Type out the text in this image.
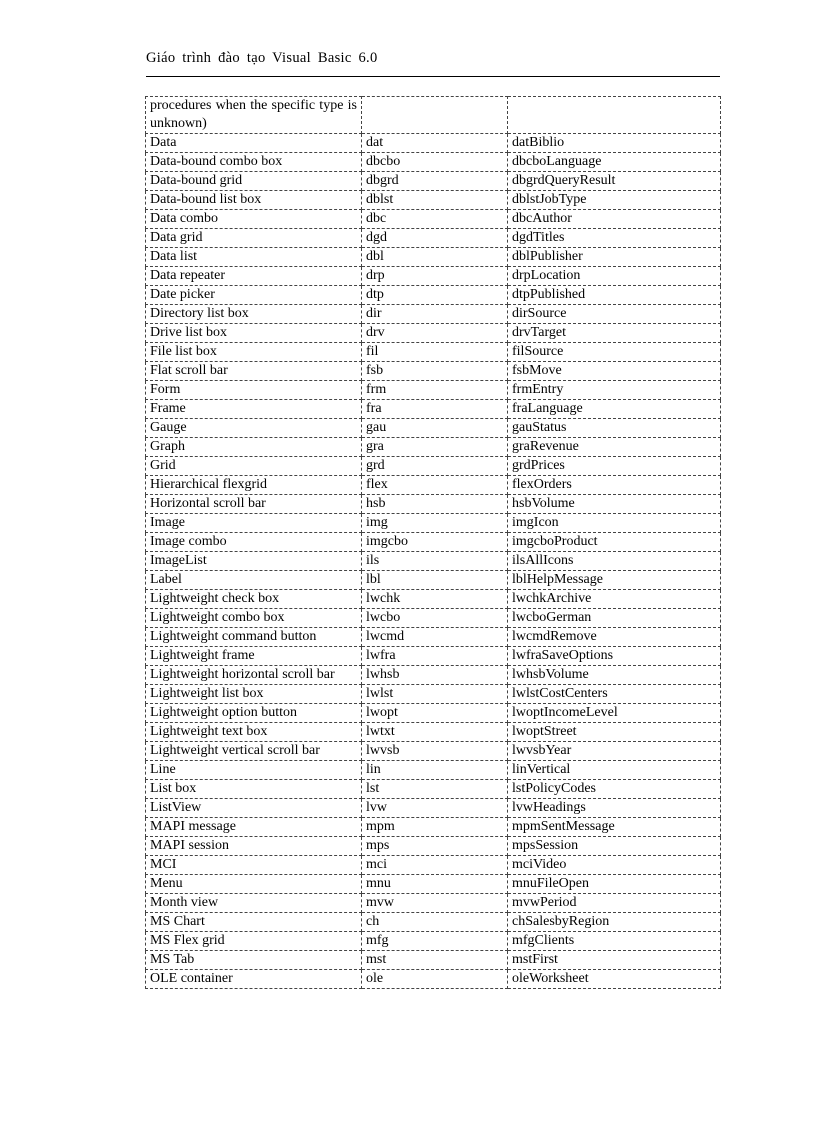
Giáo trình đào tạo Visual Basic 6.0
procedures when the specific type is unknown)		
Data	dat	datBiblio
Data-bound combo box	dbcbo	dbcboLanguage
Data-bound grid	dbgrd	dbgrdQueryResult
Data-bound list box	dblst	dblstJobType
Data combo	dbc	dbcAuthor
Data grid	dgd	dgdTitles
Data list	dbl	dblPublisher
Data repeater	drp	drpLocation
Date picker	dtp	dtpPublished
Directory list box	dir	dirSource
Drive list box	drv	drvTarget
File list box	fil	filSource
Flat scroll bar	fsb	fsbMove
Form	frm	frmEntry
Frame	fra	fraLanguage
Gauge	gau	gauStatus
Graph	gra	graRevenue
Grid	grd	grdPrices
Hierarchical flexgrid	flex	flexOrders
Horizontal scroll bar	hsb	hsbVolume
Image	img	imgIcon
Image combo	imgcbo	imgcboProduct
ImageList	ils	ilsAllIcons
Label	lbl	lblHelpMessage
Lightweight check box	lwchk	lwchkArchive
Lightweight combo box	lwcbo	lwcboGerman
Lightweight command button	lwcmd	lwcmdRemove
Lightweight frame	lwfra	lwfraSaveOptions
Lightweight horizontal scroll bar	lwhsb	lwhsbVolume
Lightweight list box	lwlst	lwlstCostCenters
Lightweight option button	lwopt	lwoptIncomeLevel
Lightweight text box	lwtxt	lwoptStreet
Lightweight vertical scroll bar	lwvsb	lwvsbYear
Line	lin	linVertical
List box	lst	lstPolicyCodes
ListView	lvw	lvwHeadings
MAPI message	mpm	mpmSentMessage
MAPI session	mps	mpsSession
MCI	mci	mciVideo
Menu	mnu	mnuFileOpen
Month view	mvw	mvwPeriod
MS Chart	ch	chSalesbyRegion
MS Flex grid	mfg	mfgClients
MS Tab	mst	mstFirst
OLE container	ole	oleWorksheet
